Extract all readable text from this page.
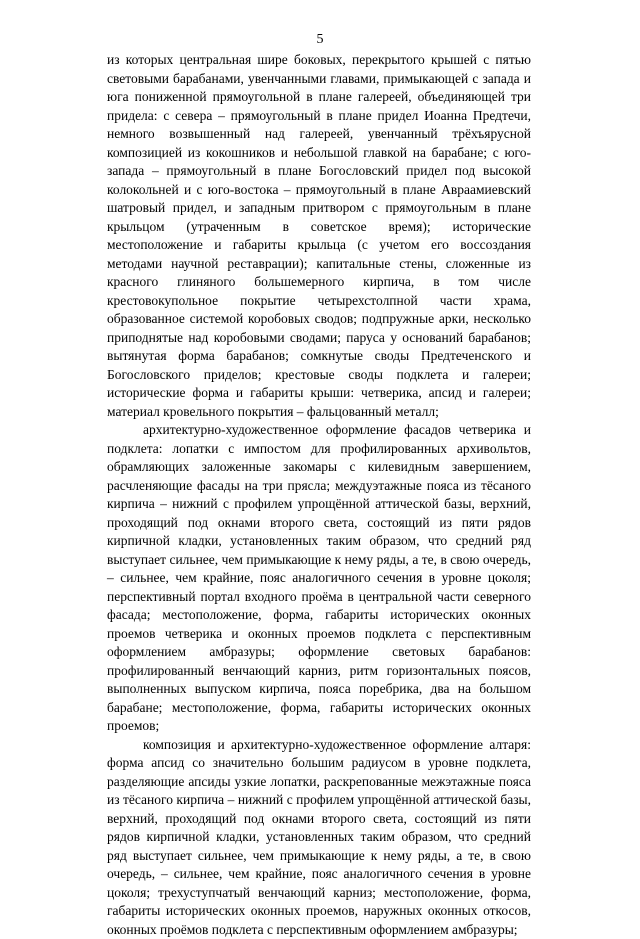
5

из которых центральная шире боковых, перекрытого крышей с пятью световыми барабанами, увенчанными главами, примыкающей с запада и юга пониженной прямоугольной в плане галереей, объединяющей три придела: с севера – прямоугольный в плане придел Иоанна Предтечи, немного возвышенный над галереей, увенчанный трёхъярусной композицией из кокошников и небольшой главкой на барабане; с юго-запада – прямоугольный в плане Богословский придел под высокой колокольней и с юго-востока – прямоугольный в плане Авраамиевский шатровый придел, и западным притвором с прямоугольным в плане крыльцом (утраченным в советское время); исторические местоположение и габариты крыльца (с учетом его воссоздания методами научной реставрации); капитальные стены, сложенные из красного глиняного большемерного кирпича, в том числе крестовокупольное покрытие четырехстолпной части храма, образованное системой коробовых сводов; подпружные арки, несколько приподнятые над коробовыми сводами; паруса у оснований барабанов; вытянутая форма барабанов; сомкнутые своды Предтеченского и Богословского приделов; крестовые своды подклета и галереи; исторические форма и габариты крыши: четверика, апсид и галереи; материал кровельного покрытия – фальцованный металл;

архитектурно-художественное оформление фасадов четверика и подклета: лопатки с импостом для профилированных архивольтов, обрамляющих заложенные закомары с килевидным завершением, расчленяющие фасады на три прясла; междуэтажные пояса из тёсаного кирпича – нижний с профилем упрощённой аттической базы, верхний, проходящий под окнами второго света, состоящий из пяти рядов кирпичной кладки, установленных таким образом, что средний ряд выступает сильнее, чем примыкающие к нему ряды, а те, в свою очередь, – сильнее, чем крайние, пояс аналогичного сечения в уровне цоколя; перспективный портал входного проёма в центральной части северного фасада; местоположение, форма, габариты исторических оконных проемов четверика и оконных проемов подклета с перспективным оформлением амбразуры; оформление световых барабанов: профилированный венчающий карниз, ритм горизонтальных поясов, выполненных выпуском кирпича, пояса поребрика, два на большом барабане; местоположение, форма, габариты исторических оконных проемов;

композиция и архитектурно-художественное оформление алтаря: форма апсид со значительно большим радиусом в уровне подклета, разделяющие апсиды узкие лопатки, раскрепованные межэтажные пояса из тёсаного кирпича – нижний с профилем упрощённой аттической базы, верхний, проходящий под окнами второго света, состоящий из пяти рядов кирпичной кладки, установленных таким образом, что средний ряд выступает сильнее, чем примыкающие к нему ряды, а те, в свою очередь, – сильнее, чем крайние, пояс аналогичного сечения в уровне цоколя; трехуступчатый венчающий карниз; местоположение, форма, габариты исторических оконных проемов, наружных оконных откосов, оконных проёмов подклета с перспективным оформлением амбразуры;
